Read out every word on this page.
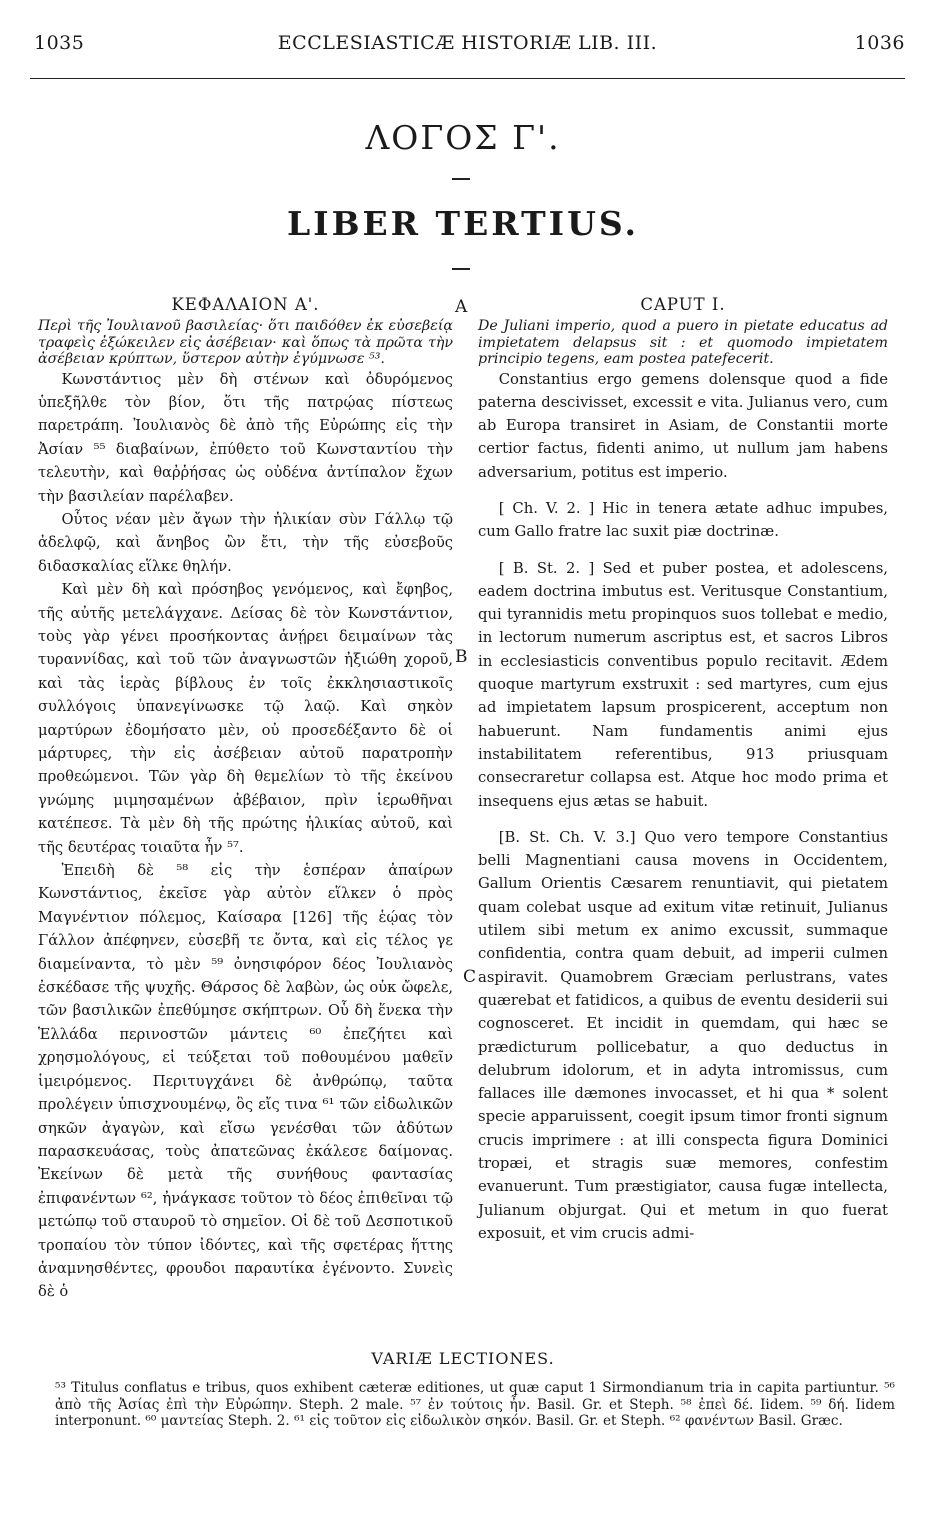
1035	ECCLESIASTICÆ HISTORIÆ LIB. III.	1036
ΛΟΓΟΣ Γ'.
LIBER TERTIUS.
ΚΕΦΑΛΑΙΟΝ Α'.

Περὶ τῆς Ἰουλιανοῦ βασιλείας· ὅτι παιδόθεν ἐκ εὐσεβείᾳ τραφεὶς ἐξώκειλεν εἰς ἀσέβειαν· καὶ ὅπως τὰ πρῶτα τὴν ἀσέβειαν κρύπτων, ὕστερον αὐτὴν ἐγύμνωσε ⁵³.

Κωνστάντιος μὲν δὴ στένων καὶ ὀδυρόμενος ὑπεξῆλθε τὸν βίον, ὅτι τῆς πατρῴας πίστεως παρετράπη. Ἰουλιανὸς δὲ ἀπὸ τῆς Εὐρώπης εἰς τὴν Ἀσίαν ⁵⁵ διαβαίνων, ἐπύθετο τοῦ Κωνσταντίου τὴν τελευτὴν, καὶ θαῤῥήσας ὡς οὐδένα ἀντίπαλον ἔχων τὴν βασιλείαν παρέλαβεν.

Οὗτος νέαν μὲν ἄγων τὴν ἡλικίαν σὺν Γάλλῳ τῷ ἀδελφῷ, καὶ ἄνηβος ὢν ἔτι, τὴν τῆς εὐσεβοῦς διδασκαλίας εἵλκε θηλήν.

Καὶ μὲν δὴ καὶ πρόσηβος γενόμενος, καὶ ἔφηβος, τῆς αὐτῆς μετελάγχανε. Δείσας δὲ τὸν Κωνστάντιον, τοὺς γὰρ γένει προσήκοντας ἀνῄρει δειμαίνων τὰς τυραννίδας, καὶ τοῦ τῶν ἀναγνωστῶν ἠξιώθη χοροῦ, καὶ τὰς ἱερὰς βίβλους ἐν τοῖς ἐκκλησιαστικοῖς συλλόγοις ὑπανεγίνωσκε τῷ λαῷ. Καὶ σηκὸν μαρτύρων ἐδομήσατο μὲν, οὐ προσεδέξαντο δὲ οἱ μάρτυρες, τὴν εἰς ἀσέβειαν αὐτοῦ παρατροπὴν προθεώμενοι. Τῶν γὰρ δὴ θεμελίων τὸ τῆς ἐκείνου γνώμης μιμησαμένων ἀβέβαιον, πρὶν ἱερωθῆναι κατέπεσε. Τὰ μὲν δὴ τῆς πρώτης ἡλικίας αὐτοῦ, καὶ τῆς δευτέρας τοιαῦτα ἦν ⁵⁷.

Ἐπειδὴ δὲ ⁵⁸ εἰς τὴν ἑσπέραν ἀπαίρων Κωνστάντιος, ἐκεῖσε γὰρ αὐτὸν εἵλκεν ὁ πρὸς Μαγνέντιον πόλεμος, Καίσαρα [126] τῆς ἑῴας τὸν Γάλλον ἀπέφηνεν, εὐσεβῆ τε ὄντα, καὶ εἰς τέλος γε διαμείναντα, τὸ μὲν ⁵⁹ ὀνησιφόρον δέος Ἰουλιανὸς ἐσκέδασε τῆς ψυχῆς. Θάρσος δὲ λαβὼν, ὡς οὐκ ὤφελε, τῶν βασιλικῶν ἐπεθύμησε σκήπτρων. Οὗ δὴ ἕνεκα τὴν Ἑλλάδα περινοστῶν μάντεις ⁶⁰ ἐπεζήτει καὶ χρησμολόγους, εἰ τεύξεται τοῦ ποθουμένου μαθεῖν ἱμειρόμενος. Περιτυγχάνει δὲ ἀνθρώπῳ, ταῦτα προλέγειν ὑπισχνουμένῳ, ὃς εἴς τινα ⁶¹ τῶν εἰδωλικῶν σηκῶν ἀγαγὼν, καὶ εἴσω γενέσθαι τῶν ἀδύτων παρασκευάσας, τοὺς ἀπατεῶνας ἐκάλεσε δαίμονας. Ἐκείνων δὲ μετὰ τῆς συνήθους φαντασίας ἐπιφανέντων ⁶², ἠνάγκασε τοῦτον τὸ δέος ἐπιθεῖναι τῷ μετώπῳ τοῦ σταυροῦ τὸ σημεῖον. Οἱ δὲ τοῦ Δεσποτικοῦ τροπαίου τὸν τύπον ἰδόντες, καὶ τῆς σφετέρας ἥττης ἀναμνησθέντες, φρουδοι παραυτίκα ἐγένοντο. Συνεὶς δὲ ὁ

A
B
C
CAPUT I.

De Juliani imperio, quod a puero in pietate educatus ad impietatem delapsus sit : et quomodo impietatem principio tegens, eam postea patefecerit.

Constantius ergo gemens dolensque quod a fide paterna descivisset, excessit e vita. Julianus vero, cum ab Europa transiret in Asiam, de Constantii morte certior factus, fidenti animo, ut nullum jam habens adversarium, potitus est imperio.

[ Ch. V. 2. ] Hic in tenera ætate adhuc impubes, cum Gallo fratre lac suxit piæ doctrinæ.

[ B. St. 2. ] Sed et puber postea, et adolescens, eadem doctrina imbutus est. Veritusque Constantium, qui tyrannidis metu propinquos suos tollebat e medio, in lectorum numerum ascriptus est, et sacros Libros in ecclesiasticis conventibus populo recitavit. Ædem quoque martyrum exstruxit : sed martyres, cum ejus ad impietatem lapsum prospicerent, acceptum non habuerunt. Nam fundamentis animi ejus instabilitatem referentibus, 913 priusquam consecraretur collapsa est. Atque hoc modo prima et insequens ejus ætas se habuit.

[B. St. Ch. V. 3.] Quo vero tempore Constantius belli Magnentiani causa movens in Occidentem, Gallum Orientis Cæsarem renuntiavit, qui pietatem quam colebat usque ad exitum vitæ retinuit, Julianus utilem sibi metum ex animo excussit, summaque confidentia, contra quam debuit, ad imperii culmen aspiravit. Quamobrem Græciam perlustrans, vates quærebat et fatidicos, a quibus de eventu desiderii sui cognosceret. Et incidit in quemdam, qui hæc se prædicturum pollicebatur, a quo deductus in delubrum idolorum, et in adyta intromissus, cum fallaces ille dæmones invocasset, et hi qua * solent specie apparuissent, coegit ipsum timor fronti signum crucis imprimere : at illi conspecta figura Dominici tropæi, et stragis suæ memores, confestim evanuerunt. Tum præstigiator, causa fugæ intellecta, Julianum objurgat. Qui et metum in quo fuerat exposuit, et vim crucis admi-

VARIÆ LECTIONES.

⁵³ Titulus conflatus e tribus, quos exhibent cæteræ editiones, ut quæ caput 1 Sirmondianum tria in capita partiuntur. ⁵⁶ ἀπὸ τῆς Ἀσίας ἐπὶ τὴν Εὐρώπην. Steph. 2 male. ⁵⁷ ἐν τούτοις ἦν. Basil. Gr. et Steph. ⁵⁸ ἐπεὶ δέ. Iidem. ⁵⁹ δή. Iidem interponunt. ⁶⁰ μαντείας Steph. 2. ⁶¹ εἰς τοῦτον εἰς εἰδωλικὸν σηκόν. Basil. Gr. et Steph. ⁶² φανέντων Basil. Græc.
